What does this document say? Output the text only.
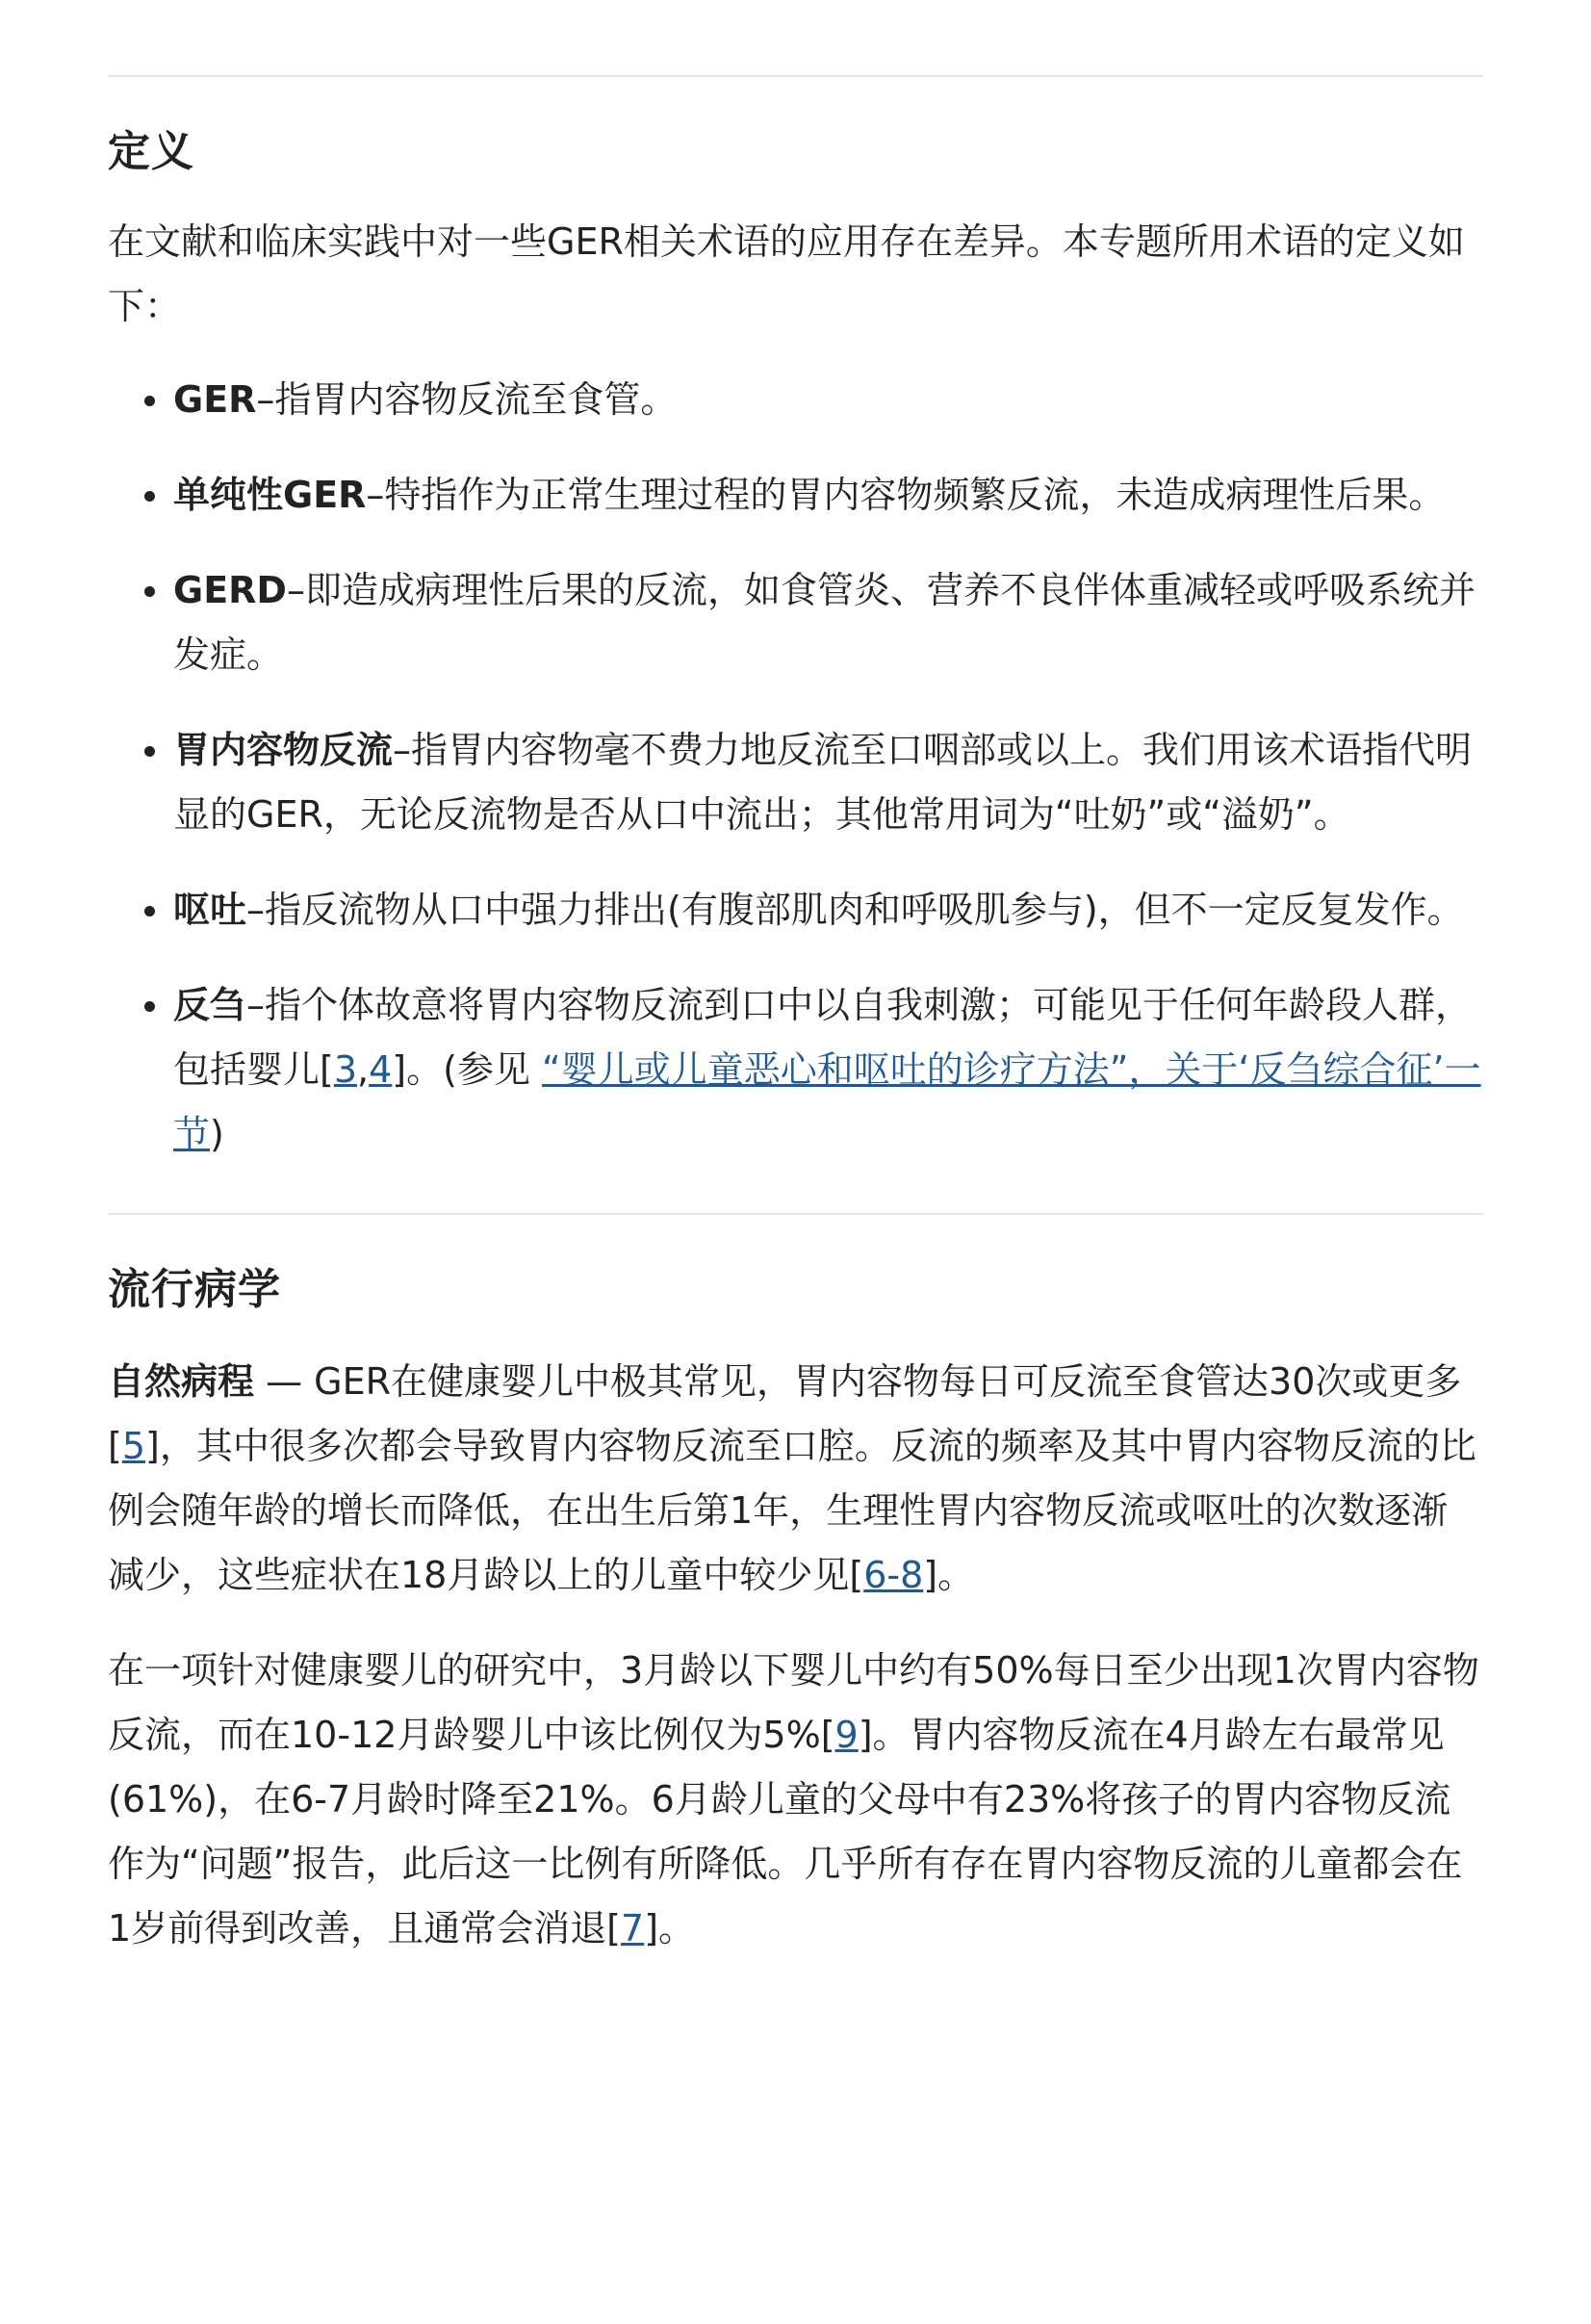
定义

在文献和临床实践中对一些GER相关术语的应用存在差异。本专题所用术语的定义如下：

GER–指胃内容物反流至食管。
单纯性GER–特指作为正常生理过程的胃内容物频繁反流，未造成病理性后果。
GERD–即造成病理性后果的反流，如食管炎、营养不良伴体重减轻或呼吸系统并发症。
胃内容物反流–指胃内容物毫不费力地反流至口咽部或以上。我们用该术语指代明显的GER，无论反流物是否从口中流出；其他常用词为“吐奶”或“溢奶”。
呕吐–指反流物从口中强力排出(有腹部肌肉和呼吸肌参与)，但不一定反复发作。
反刍–指个体故意将胃内容物反流到口中以自我刺激；可能见于任何年龄段人群，包括婴儿[3,4]。(参见 “婴儿或儿童恶心和呕吐的诊疗方法”，关于‘反刍综合征’一节)
流行病学

自然病程 — GER在健康婴儿中极其常见，胃内容物每日可反流至食管达30次或更多[5]，其中很多次都会导致胃内容物反流至口腔。反流的频率及其中胃内容物反流的比例会随年龄的增长而降低，在出生后第1年，生理性胃内容物反流或呕吐的次数逐渐减少，这些症状在18月龄以上的儿童中较少见[6-8]。

在一项针对健康婴儿的研究中，3月龄以下婴儿中约有50%每日至少出现1次胃内容物反流，而在10-12月龄婴儿中该比例仅为5%[9]。胃内容物反流在4月龄左右最常见(61%)，在6-7月龄时降至21%。6月龄儿童的父母中有23%将孩子的胃内容物反流作为“问题”报告，此后这一比例有所降低。几乎所有存在胃内容物反流的儿童都会在1岁前得到改善，且通常会消退[7]。
